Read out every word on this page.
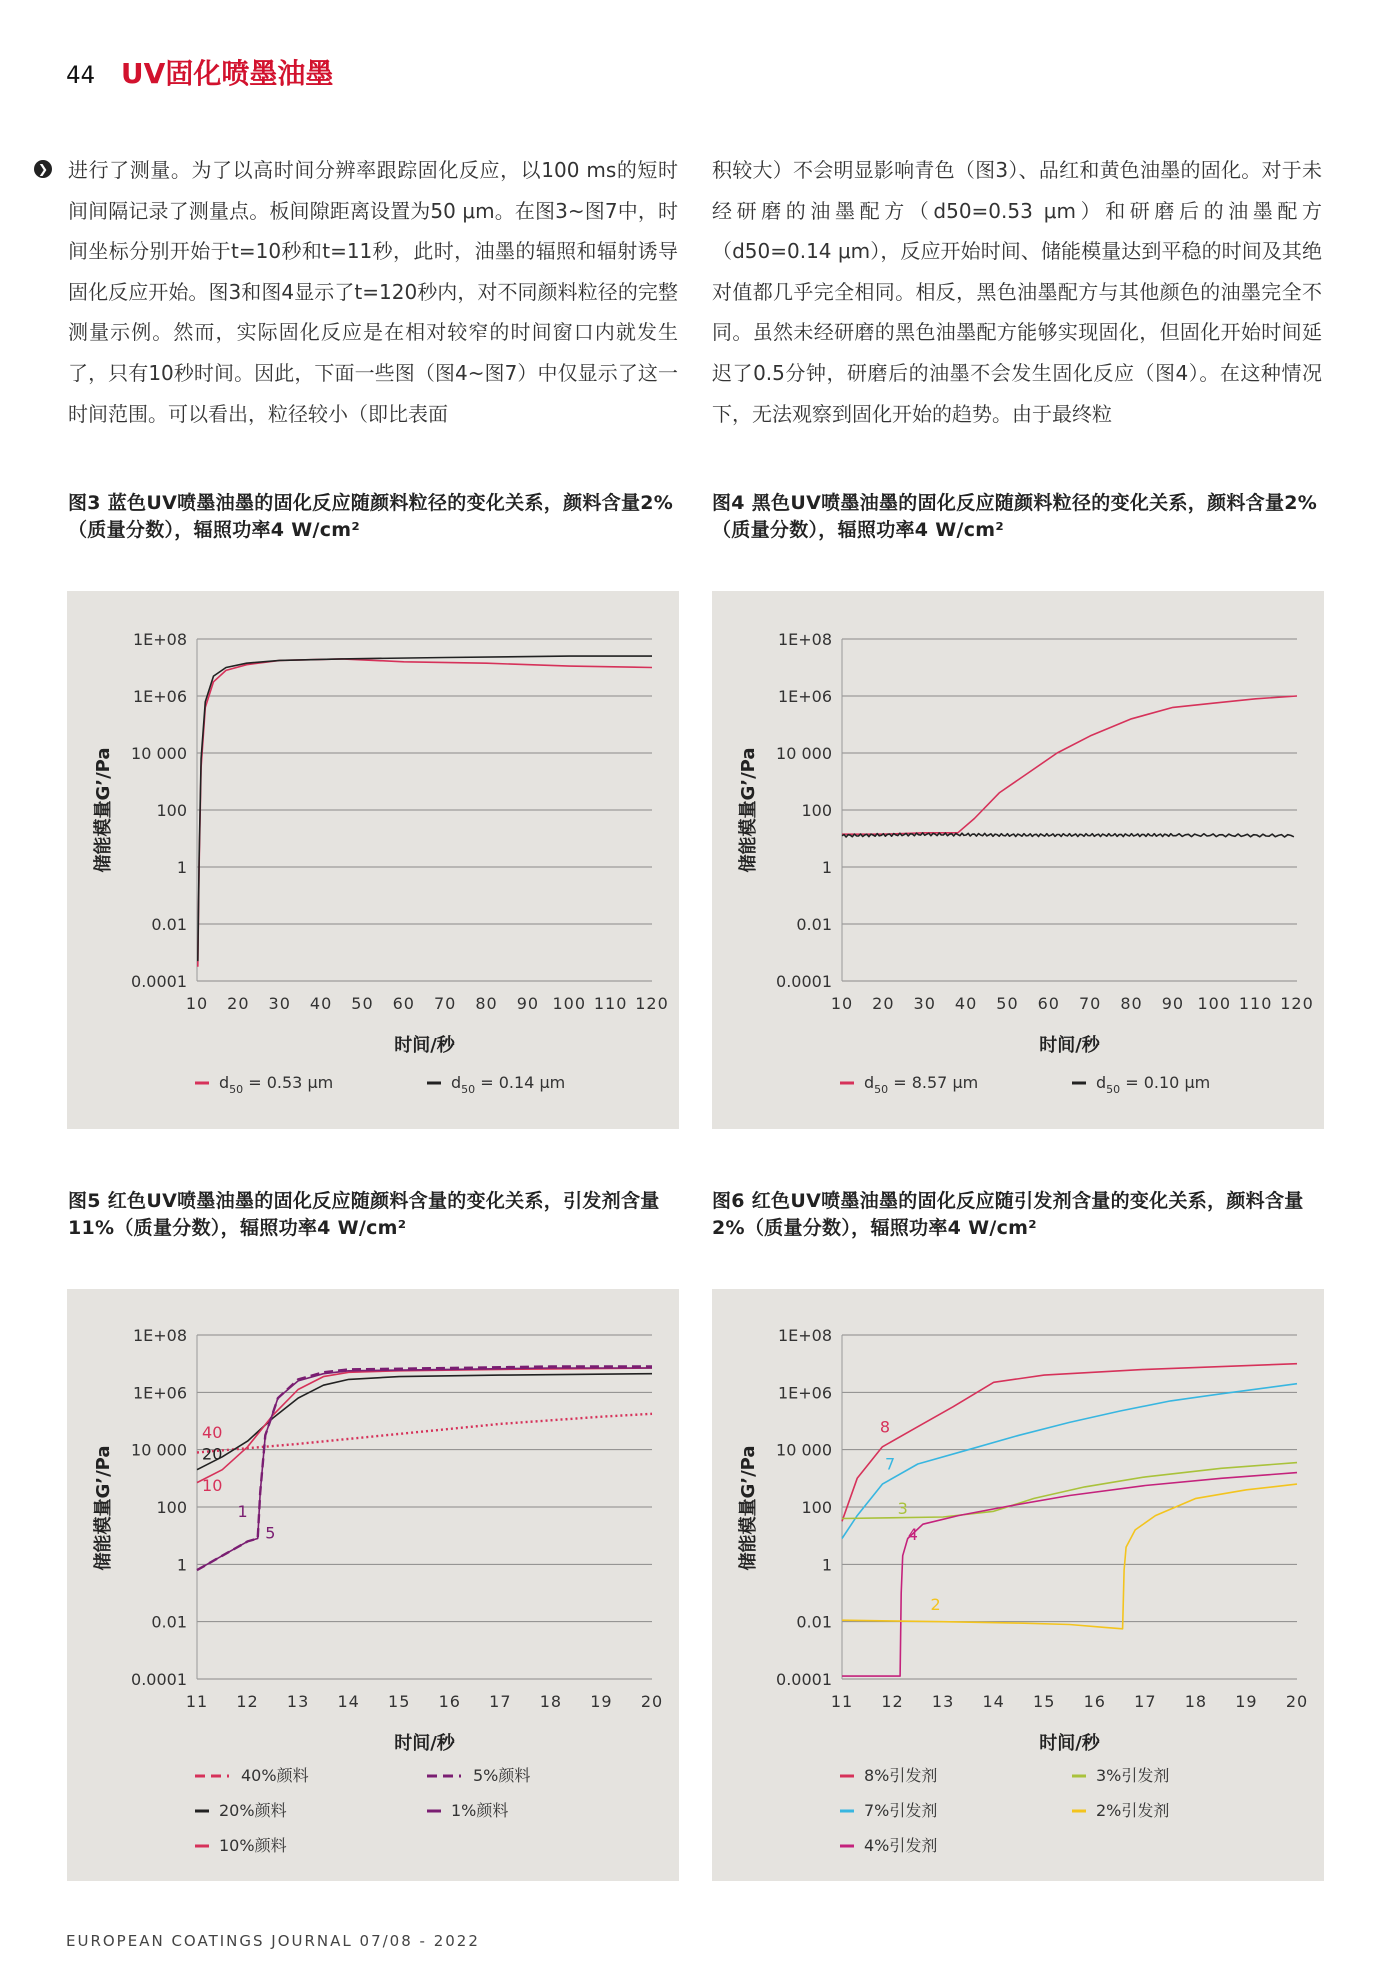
44 UV固化喷墨油墨
❯ 进行了测量。为了以高时间分辨率跟踪固化反应，以100 ms的短时间间隔记录了测量点。板间隙距离设置为50 μm。在图3~图7中，时间坐标分别开始于t=10秒和t=11秒，此时，油墨的辐照和辐射诱导固化反应开始。图3和图4显示了t=120秒内，对不同颜料粒径的完整测量示例。然而，实际固化反应是在相对较窄的时间窗口内就发生了，只有10秒时间。因此，下面一些图（图4~图7）中仅显示了这一时间范围。可以看出，粒径较小（即比表面
积较大）不会明显影响青色（图3）、品红和黄色油墨的固化。对于未经研磨的油墨配方（d50=0.53 μm）和研磨后的油墨配方（d50=0.14 μm），反应开始时间、储能模量达到平稳的时间及其绝对值都几乎完全相同。相反，黑色油墨配方与其他颜色的油墨完全不同。虽然未经研磨的黑色油墨配方能够实现固化，但固化开始时间延迟了0.5分钟，研磨后的油墨不会发生固化反应（图4）。在这种情况下，无法观察到固化开始的趋势。由于最终粒
图3 蓝色UV喷墨油墨的固化反应随颜料粒径的变化关系，颜料含量2%（质量分数），辐照功率4 W/cm²
图4 黑色UV喷墨油墨的固化反应随颜料粒径的变化关系，颜料含量2%（质量分数），辐照功率4 W/cm²
图5 红色UV喷墨油墨的固化反应随颜料含量的变化关系，引发剂含量11%（质量分数），辐照功率4 W/cm²
图6 红色UV喷墨油墨的固化反应随引发剂含量的变化关系，颜料含量2%（质量分数），辐照功率4 W/cm²
1E+08
1E+06
10 000
100
1
0.01
0.0001
10 20 30 40 50 60 70 80 90 100 110 120
时间/秒
储能模量G’/Pa
$d_{50} = 0.53$ μm	$d_{50} = 0.14$ μm
1E+08
1E+06
10 000
100
1
0.01
0.0001
10 20 30 40 50 60 70 80 90 100 110 120
时间/秒
储能模量G’/Pa
$d_{50} = 8.57$ μm	$d_{50} = 0.10$ μm
1E+08
1E+06
10 000
100
1
0.01
0.0001
11 12 13 14 15 16 17 18 19 20
时间/秒
储能模量G’/Pa
40
20
10
1
5
40%颜料	5%颜料
20%颜料	1%颜料
10%颜料
1E+08
1E+06
10 000
100
1
0.01
0.0001
11 12 13 14 15 16 17 18 19 20
时间/秒
储能模量G’/Pa
8
7
3
4
2
8%引发剂	3%引发剂
7%引发剂	2%引发剂
4%引发剂
EUROPEAN COATINGS JOURNAL 07/08 - 2022
